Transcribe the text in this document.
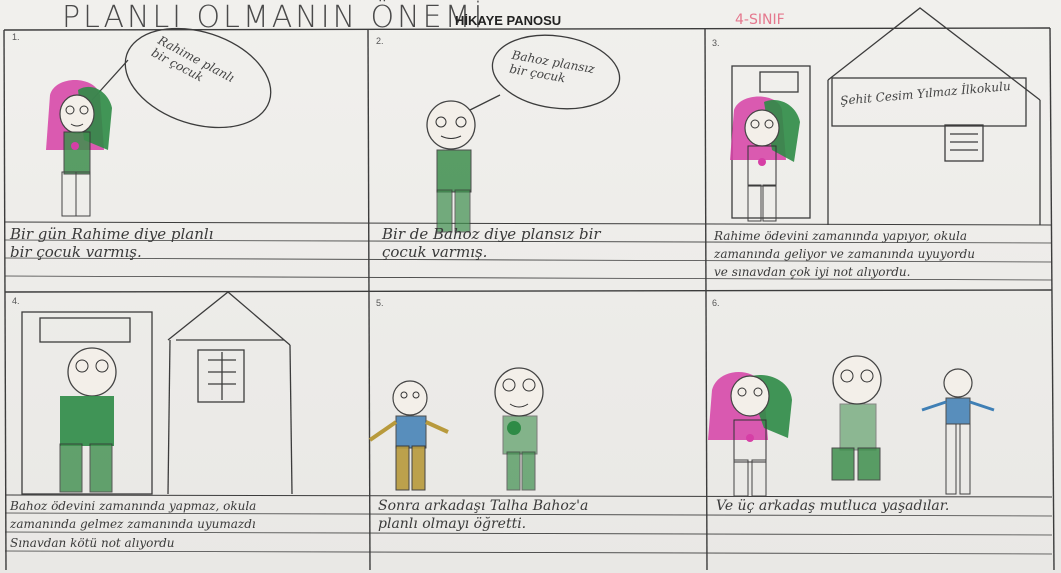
PLANLI OLMANIN ÖNEMİ
HİKAYE PANOSU	4-SINIF
1.	2.	3.
4.	5.	6.
Rahime planlı bir çocuk	Bahoz plansız bir çocuk
Şehit Cesim Yılmaz İlkokulu
Bir gün Rahime diye planlı
bir çocuk varmış.
Bir de Bahoz diye plansız bir
çocuk varmış.
Rahime ödevini zamanında yapıyor, okula
zamanında geliyor ve zamanında uyuyordu
ve sınavdan çok iyi not alıyordu.
Bahoz ödevini zamanında yapmaz, okula
zamanında gelmez zamanında uyumazdı
Sınavdan kötü not alıyordu
Sonra arkadaşı Talha Bahoz'a
planlı olmayı öğretti.
Ve üç arkadaş mutluca yaşadılar.
